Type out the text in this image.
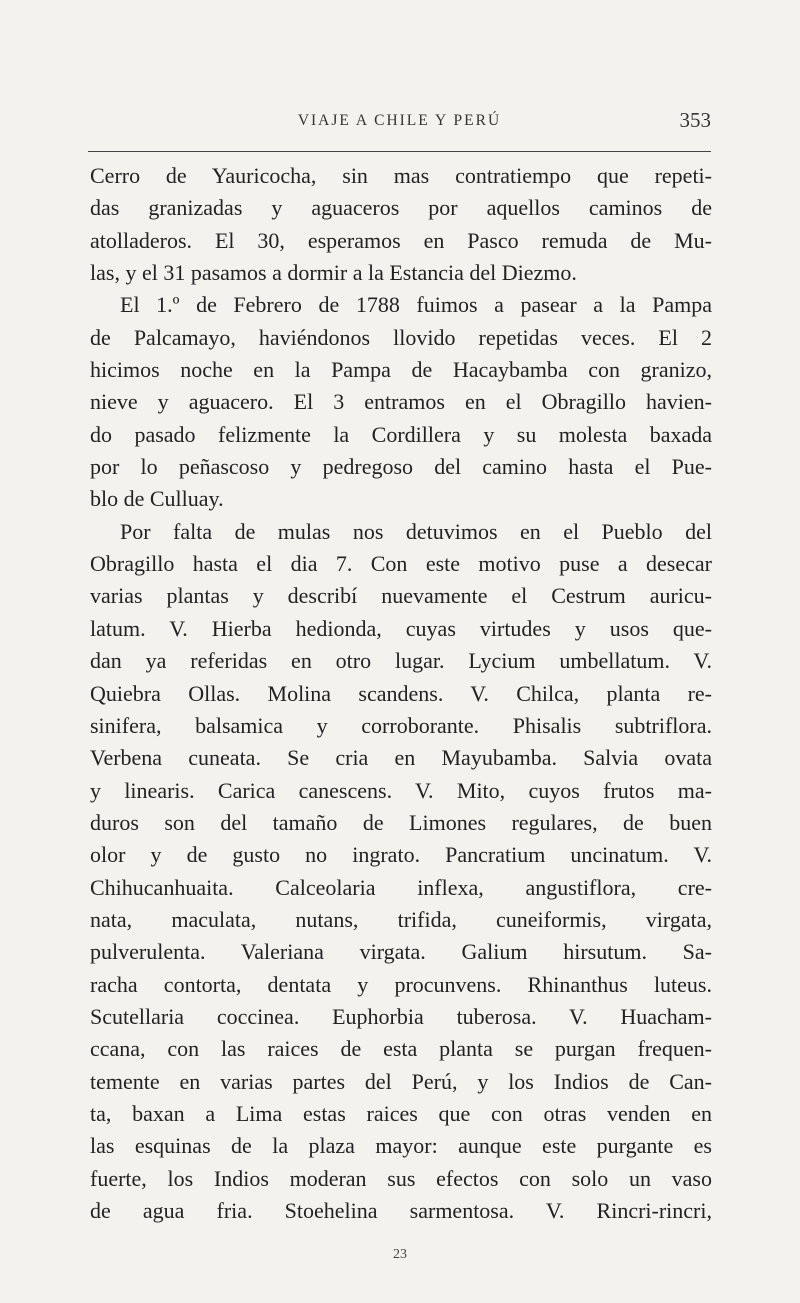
VIAJE A CHILE Y PERÚ	353
Cerro de Yauricocha, sin mas contratiempo que repeti-
das granizadas y aguaceros por aquellos caminos de
atolladeros. El 30, esperamos en Pasco remuda de Mu-
las, y el 31 pasamos a dormir a la Estancia del Diezmo.
El 1.º de Febrero de 1788 fuimos a pasear a la Pampa
de Palcamayo, haviéndonos llovido repetidas veces. El 2
hicimos noche en la Pampa de Hacaybamba con granizo,
nieve y aguacero. El 3 entramos en el Obragillo havien-
do pasado felizmente la Cordillera y su molesta baxada
por lo peñascoso y pedregoso del camino hasta el Pue-
blo de Culluay.
Por falta de mulas nos detuvimos en el Pueblo del
Obragillo hasta el dia 7. Con este motivo puse a desecar
varias plantas y describí nuevamente el Cestrum auricu-
latum. V. Hierba hedionda, cuyas virtudes y usos que-
dan ya referidas en otro lugar. Lycium umbellatum. V.
Quiebra Ollas. Molina scandens. V. Chilca, planta re-
sinifera, balsamica y corroborante. Phisalis subtriflora.
Verbena cuneata. Se cria en Mayubamba. Salvia ovata
y linearis. Carica canescens. V. Mito, cuyos frutos ma-
duros son del tamaño de Limones regulares, de buen
olor y de gusto no ingrato. Pancratium uncinatum. V.
Chihucanhuaita. Calceolaria inflexa, angustiflora, cre-
nata, maculata, nutans, trifida, cuneiformis, virgata,
pulverulenta. Valeriana virgata. Galium hirsutum. Sa-
racha contorta, dentata y procunvens. Rhinanthus luteus.
Scutellaria coccinea. Euphorbia tuberosa. V. Huacham-
ccana, con las raices de esta planta se purgan frequen-
temente en varias partes del Perú, y los Indios de Can-
ta, baxan a Lima estas raices que con otras venden en
las esquinas de la plaza mayor: aunque este purgante es
fuerte, los Indios moderan sus efectos con solo un vaso
de agua fria. Stoehelina sarmentosa. V. Rincri-rincri,
23
